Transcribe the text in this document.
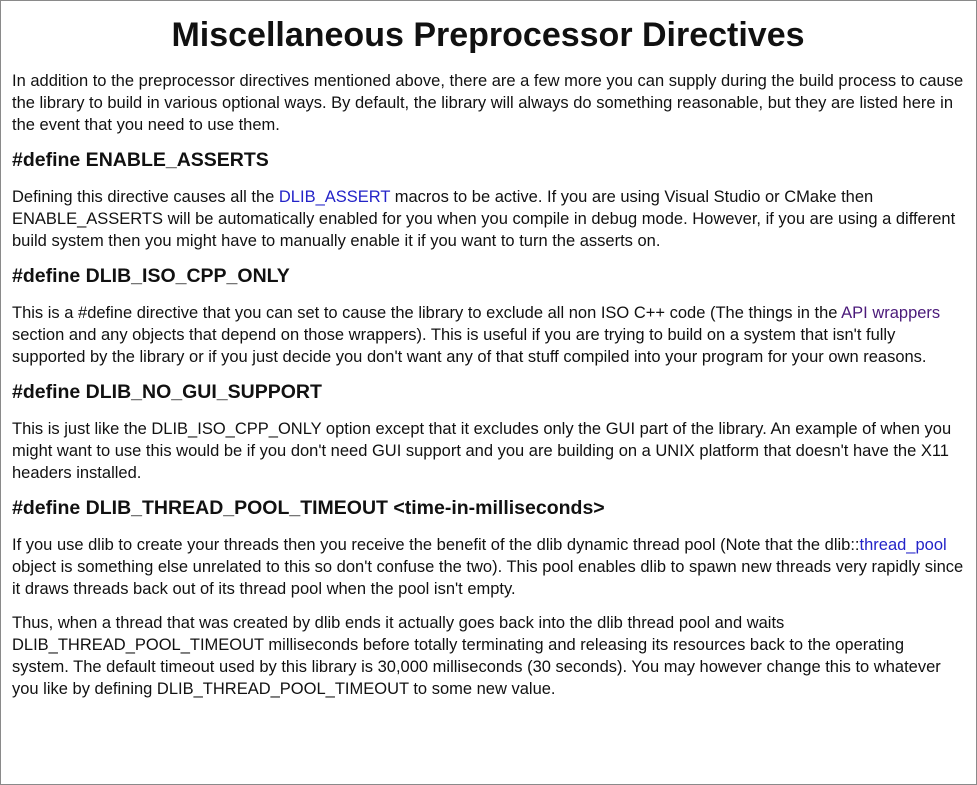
Miscellaneous Preprocessor Directives

In addition to the preprocessor directives mentioned above, there are a few more you can supply during the build process to cause the library to build in various optional ways. By default, the library will always do something reasonable, but they are listed here in the event that you need to use them.

#define ENABLE_ASSERTS

Defining this directive causes all the DLIB_ASSERT macros to be active. If you are using Visual Studio or CMake then ENABLE_ASSERTS will be automatically enabled for you when you compile in debug mode. However, if you are using a different build system then you might have to manually enable it if you want to turn the asserts on.

#define DLIB_ISO_CPP_ONLY

This is a #define directive that you can set to cause the library to exclude all non ISO C++ code (The things in the API wrappers section and any objects that depend on those wrappers). This is useful if you are trying to build on a system that isn't fully supported by the library or if you just decide you don't want any of that stuff compiled into your program for your own reasons.

#define DLIB_NO_GUI_SUPPORT

This is just like the DLIB_ISO_CPP_ONLY option except that it excludes only the GUI part of the library. An example of when you might want to use this would be if you don't need GUI support and you are building on a UNIX platform that doesn't have the X11 headers installed.

#define DLIB_THREAD_POOL_TIMEOUT <time-in-milliseconds>

If you use dlib to create your threads then you receive the benefit of the dlib dynamic thread pool (Note that the dlib::thread_pool object is something else unrelated to this so don't confuse the two). This pool enables dlib to spawn new threads very rapidly since it draws threads back out of its thread pool when the pool isn't empty.

Thus, when a thread that was created by dlib ends it actually goes back into the dlib thread pool and waits DLIB_THREAD_POOL_TIMEOUT milliseconds before totally terminating and releasing its resources back to the operating system. The default timeout used by this library is 30,000 milliseconds (30 seconds). You may however change this to whatever you like by defining DLIB_THREAD_POOL_TIMEOUT to some new value.
